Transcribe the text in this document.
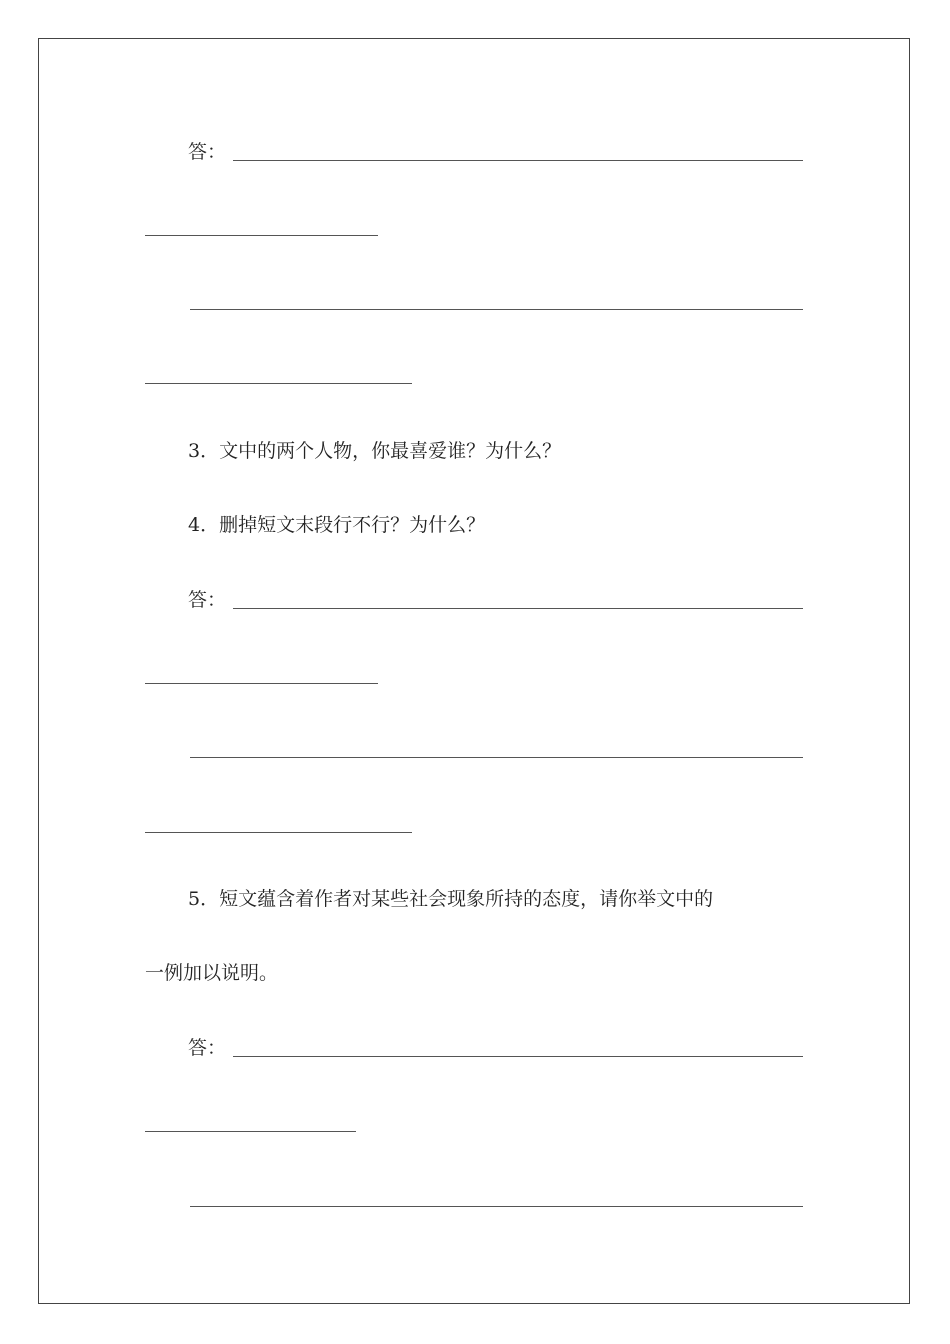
答：
3．文中的两个人物，你最喜爱谁？为什么？
4．删掉短文末段行不行？为什么？
答：
5．短文蕴含着作者对某些社会现象所持的态度，请你举文中的
一例加以说明。
答：
